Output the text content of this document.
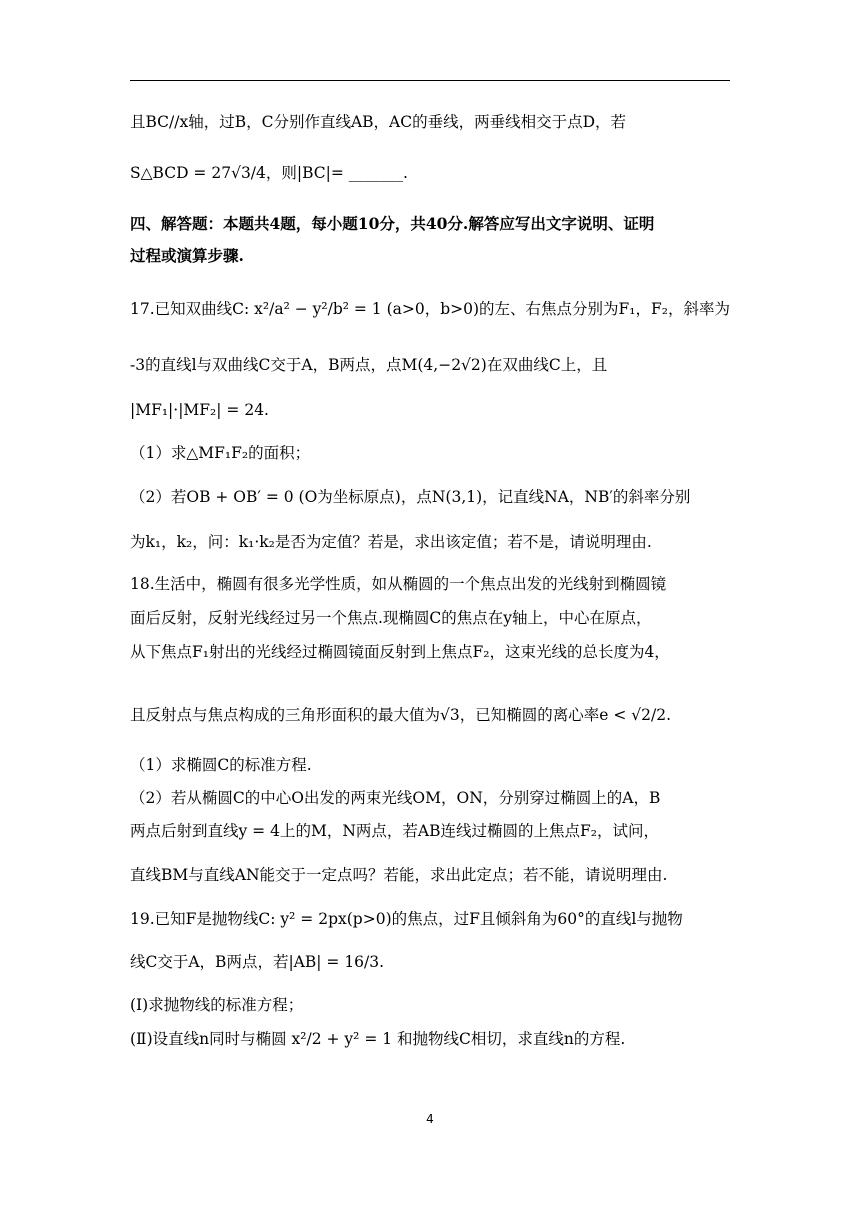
且BC//x轴，过B，C分别作直线AB，AC的垂线，两垂线相交于点D，若
S△BCD = 27√3/4，则|BC|= _______.
四、解答题：本题共4题，每小题10分，共40分.解答应写出文字说明、证明
过程或演算步骤.
17.已知双曲线C: x²/a² − y²/b² = 1 (a>0，b>0)的左、右焦点分别为F₁，F₂，斜率为
-3的直线l与双曲线C交于A，B两点，点M(4,−2√2)在双曲线C上，且
|MF₁|·|MF₂| = 24.
（1）求△MF₁F₂的面积；
（2）若OB + OB′ = 0 (O为坐标原点)，点N(3,1)，记直线NA，NB′的斜率分别
为k₁，k₂，问：k₁·k₂是否为定值？若是，求出该定值；若不是，请说明理由.
18.生活中，椭圆有很多光学性质，如从椭圆的一个焦点出发的光线射到椭圆镜
面后反射，反射光线经过另一个焦点.现椭圆C的焦点在y轴上，中心在原点，
从下焦点F₁射出的光线经过椭圆镜面反射到上焦点F₂，这束光线的总长度为4，
且反射点与焦点构成的三角形面积的最大值为√3，已知椭圆的离心率e < √2/2.
（1）求椭圆C的标准方程.
（2）若从椭圆C的中心O出发的两束光线OM，ON，分别穿过椭圆上的A，B
两点后射到直线y = 4上的M，N两点，若AB连线过椭圆的上焦点F₂，试问，
直线BM与直线AN能交于一定点吗？若能，求出此定点；若不能，请说明理由.
19.已知F是抛物线C: y² = 2px(p>0)的焦点，过F且倾斜角为60°的直线l与抛物
线C交于A，B两点，若|AB| = 16/3.
(I)求抛物线的标准方程；
(Ⅱ)设直线n同时与椭圆 x²/2 + y² = 1 和抛物线C相切，求直线n的方程.
4
